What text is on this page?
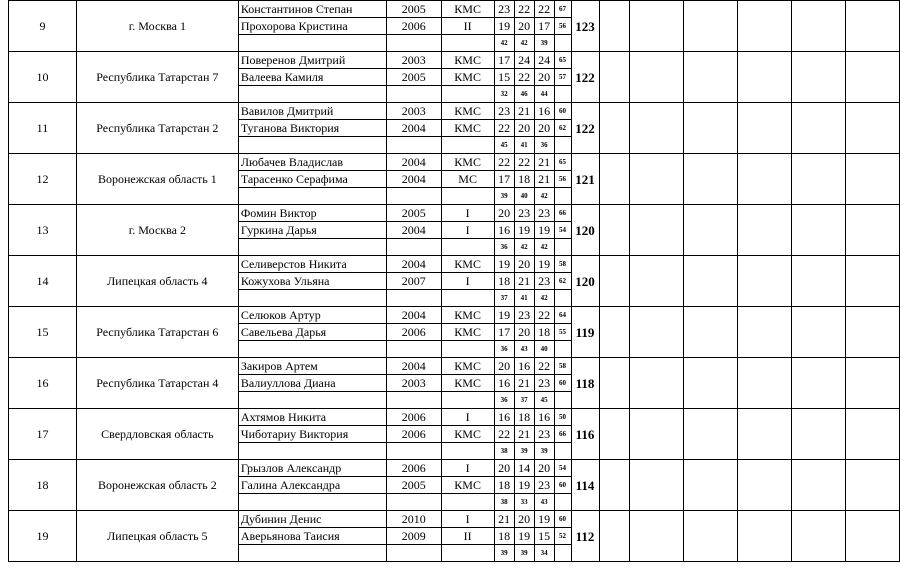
9	г. Москва 1	Константинов Степан	2005	КМС	23	22	22	67	123						
		Прохорова Кристина	2006	II	19	20	17	56							
					42	42	39								
10	Республика Татарстан 7	Поверенов Дмитрий	2003	КМС	17	24	24	65	122						
		Валеева Камиля	2005	КМС	15	22	20	57							
					32	46	44								
11	Республика Татарстан 2	Вавилов Дмитрий	2003	КМС	23	21	16	60	122						
		Туганова Виктория	2004	КМС	22	20	20	62							
					45	41	36								
12	Воронежская область 1	Любачев Владислав	2004	КМС	22	22	21	65	121						
		Тарасенко Серафима	2004	МС	17	18	21	56							
					39	40	42								
13	г. Москва 2	Фомин Виктор	2005	I	20	23	23	66	120						
		Гуркина Дарья	2004	I	16	19	19	54							
					36	42	42								
14	Липецкая область 4	Селиверстов Никита	2004	КМС	19	20	19	58	120						
		Кожухова Ульяна	2007	I	18	21	23	62							
					37	41	42								
15	Республика Татарстан 6	Селюков Артур	2004	КМС	19	23	22	64	119						
		Савельева Дарья	2006	КМС	17	20	18	55							
					36	43	40								
16	Республика Татарстан 4	Закиров Артем	2004	КМС	20	16	22	58	118						
		Валиуллова Диана	2003	КМС	16	21	23	60							
					36	37	45								
17	Свердловская область	Ахтямов Никита	2006	I	16	18	16	50	116						
		Чиботариу Виктория	2006	КМС	22	21	23	66							
					38	39	39								
18	Воронежская область 2	Грызлов Александр	2006	I	20	14	20	54	114						
		Галина Александра	2005	КМС	18	19	23	60							
					38	33	43								
19	Липецкая область 5	Дубинин Денис	2010	I	21	20	19	60	112						
		Аверьянова Таисия	2009	II	18	19	15	52							
					39	39	34								
